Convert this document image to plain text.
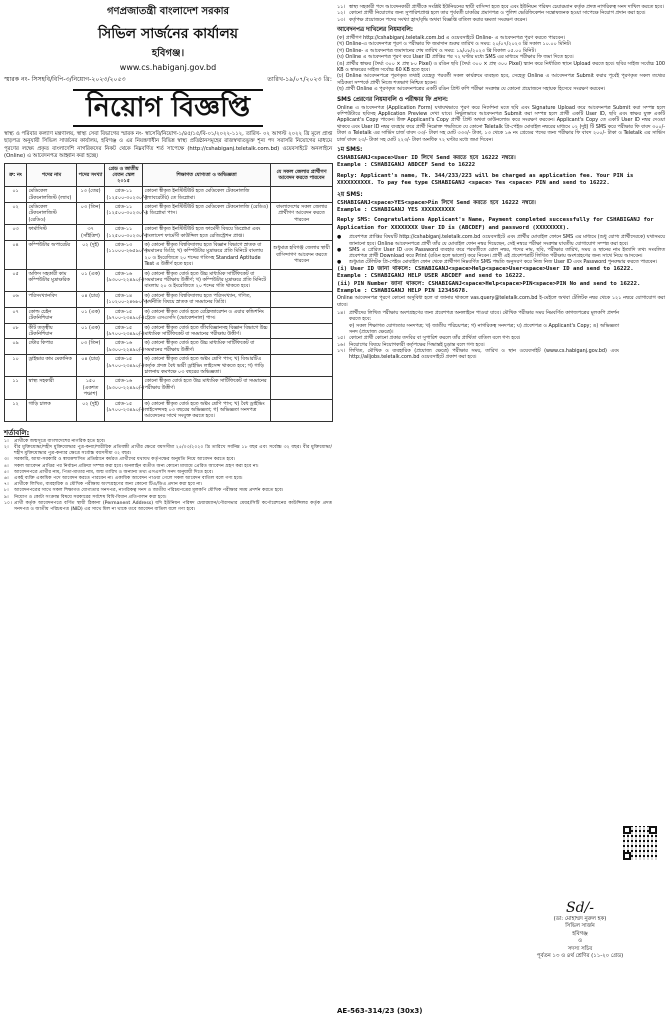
গণপ্রজাতন্ত্রী বাংলাদেশ সরকার
সিভিল সার্জনের কার্যালয়
হবিগঞ্জ।
www.cs.habiganj.gov.bd
স্মারক নং- সিসহবি/বিপি-৩/নিয়োগ-২০২৩/২০৫৩	তারিখ-১৯/০৭/২০২৩ খ্রি:
নিয়োগ বিজ্ঞপ্তি
স্বাস্থ্য ও পরিবার কল্যাণ মন্ত্রণালয়, স্বাস্থ্য সেবা বিভাগের স্মারক নং- স্বাসেবি/নিয়োগ-১/৪৫/১৫/বি-০১/২০২২-১১২, তারিখ- ০২ আগস্ট ২০২২ খ্রি মূলে প্রাপ্ত ছাড়পত্র অনুযায়ী সিভিল সার্জনের কার্যালয়, হবিগঞ্জ ও এর নিয়ন্ত্রণাধীন বিভিন্ন স্বাস্থ্য প্রতিষ্ঠানসমূহের রাজস্বখাতভুক্ত শূন্য পদ সরাসরি নিয়োগের মাধ্যমে পূরণের লক্ষ্যে প্রকৃত বাংলাদেশি নাগরিকদের নিকট থেকে নিম্নবর্ণিত শর্ত সাপেক্ষে (http://cshabiganj.teletalk.com.bd) ওয়েবসাইটে অনলাইনে (Online) এ আবেদনপত্র আহ্বান করা হচ্ছে।
ক্র: নং	পদের নাম	পদের সংখ্যা	গ্রেড ও জাতীয় বেতন স্কেল ২০১৫	শিক্ষাগত যোগ্যতা ও অভিজ্ঞতা	যে সকল জেলার প্রার্থীগণ আবেদন করতে পারবেন
০১	মেডিকেল টেকনোলজিস্ট (ল্যাব)	১৩ (তের)	গ্রেড-১১ (১২৫০০-৩০২৩০/-)	কোনো স্বীকৃত ইনস্টিটিউট হতে মেডিকেল টেকনোলজি (ল্যাবরেটরি) তে ডিপ্লোমা।	
০২	মেডিকেল টেকনোলজিস্ট (রেডিও)	০৩ (তিন)	গ্রেড-১১ (১২৫০০-৩০২৩০/-)	কোনো স্বীকৃত ইনস্টিটিউট হতে মেডিকেল টেকনোলজি (রেডিও) এ ডিপ্লোমা পাস।	বাংলাদেশের সকল জেলার প্রার্থীগণ আবেদন করতে পারবেন
০৩	ফার্মাসিস্ট	৩৭ (সাঁইত্রিশ)	গ্রেড-১১ (১২৫০০-৩০২৩০/-)	কোনো স্বীকৃত ইনস্টিটিউট হতে ফার্মেসী বিষয়ে ডিপ্লোমা এবং বাংলাদেশ ফার্মেসী কাউন্সিল হতে রেজিস্ট্রেশন প্রাপ্ত।	
০৪	কম্পিউটার অপারেটর	০২ (দুই)	গ্রেড-১৩ (১১০০০-২৬৫৯০/-)	ক) কোনো স্বীকৃত বিশ্ববিদ্যালয় হতে বিজ্ঞান বিভাগে স্নাতক বা সমমানের ডিগ্রি; খ) কম্পিউটার মুদ্রাক্ষরে প্রতি মিনিটে বাংলায় ২০ ও ইংরেজিতে ২০ শব্দের গতিসহ Standard Aptitude Test এ উত্তীর্ণ হতে হবে।	শুধুমাত্র হবিগঞ্জ জেলার স্থায়ী বাসিন্দাগণ আবেদন করতে পারবেন
০৫	অফিস সহকারী কাম কম্পিউটার মুদ্রাক্ষরিক	০১ (এক)	গ্রেড-১৬ (৯৩০০-২২৪৯০/-)	ক) কোনো স্বীকৃত বোর্ড হতে উচ্চ মাধ্যমিক সার্টিফিকেট বা সমমানের পরীক্ষায় উত্তীর্ণ; খ) কম্পিউটার মুদ্রাক্ষরে প্রতি মিনিটে বাংলায় ২০ ও ইংরেজিতে ২০ শব্দের গতি থাকতে হবে।	
০৬	পরিসংখ্যানবিদ	০৪ (চার)	গ্রেড-১৪ (১০২০০-২৪৬৮০/-)	ক) কোনো স্বীকৃত বিশ্ববিদ্যালয় হতে পরিসংখ্যান, গণিত, অর্থনীতি বিষয়ে স্নাতক বা সমমানের ডিগ্রি।	
০৭	কোল্ড চেইন টেকনিশিয়ান	০১ (এক)	গ্রেড-১৫ (৯৭০০-২৩৪৯০/-)	ক) কোনো স্বীকৃত বোর্ড হতে রেফ্রিজারেশন ও এয়ার কন্ডিশনিং ট্রেডে এসএসসি (ভোকেশনাল) পাস।	
০৮	কীট তত্ত্বীয় টেকনিশিয়ান	০১ (এক)	গ্রেড-১৫ (৯৭০০-২৩৪৯০/-)	ক) কোনো স্বীকৃত বোর্ড হতে জীববিজ্ঞানসহ বিজ্ঞান বিভাগে উচ্চ মাধ্যমিক সার্টিফিকেট বা সমমানের পরীক্ষায় উত্তীর্ণ।	
০৯	স্টোর কিপার	০৩ (তিন)	গ্রেড-১৬ (৯৩০০-২২৪৯০/-)	ক) কোনো স্বীকৃত বোর্ড হতে উচ্চ মাধ্যমিক সার্টিফিকেট বা সমমানের পরীক্ষায় উত্তীর্ণ।	
১০	ড্রাইভার কাম মেকানিক	০৪ (চার)	গ্রেড-১৫ (৯৭০০-২৩৪৯০/-)	ক) কোনো স্বীকৃত বোর্ড হতে অষ্টম শ্রেণি পাস; খ) বিআরটিএ কর্তৃক প্রদত্ত বৈধ ভারী ড্রাইভিং লাইসেন্স থাকতে হবে; গ) গাড়ি চালনায় কমপক্ষে ০৩ বছরের অভিজ্ঞতা।	
১১	স্বাস্থ্য সহকারী	১৫০ (একশত পঞ্চাশ)	গ্রেড-১৬ (৯৩০০-২২৪৯০/-)	কোনো স্বীকৃত বোর্ড হতে উচ্চ মাধ্যমিক সার্টিফিকেট বা সমমানের পরীক্ষায় উত্তীর্ণ।	
১২	গাড়ি চালক	০২ (দুই)	গ্রেড-১৫ (৯৭০০-২৩৪৯০/-)	ক) কোনো স্বীকৃত বোর্ড হতে অষ্টম শ্রেণি পাস; খ) বৈধ ড্রাইভিং লাইসেন্সসহ ০৩ বছরের অভিজ্ঞতা; গ) অভিজ্ঞতা সনদপত্র আবেদনের সাথে সংযুক্ত করতে হবে।	
শর্তাবলি:
১।	প্রার্থীকে জন্মসূত্রে বাংলাদেশের নাগরিক হতে হবে।
২।	বীর মুক্তিযোদ্ধা/শহীদ মুক্তিযোদ্ধার পুত্র-কন্যা/শারীরিক প্রতিবন্ধী প্রার্থীর ক্ষেত্রে বয়সসীমা ২৫/০৩/২০২০ খ্রি তারিখে সর্বনিম্ন ১৮ বছর এবং সর্বোচ্চ ৩২ বছর। বীর মুক্তিযোদ্ধা/শহীদ মুক্তিযোদ্ধার পুত্র-কন্যার ক্ষেত্রে সর্বোচ্চ বয়সসীমা ৩২ বছর।
৩।	সরকারি, আধা-সরকারি ও স্বায়ত্তশাসিত প্রতিষ্ঠানে কর্মরত প্রার্থীদের যথাযথ কর্তৃপক্ষের অনুমতি নিয়ে আবেদন করতে হবে।
৪।	সকল আবেদন প্রাপ্তির পর নির্বাচন প্রক্রিয়া সম্পন্ন করা হবে। অনলাইন ব্যতীত অন্য কোনো মাধ্যমে প্রেরিত আবেদন গ্রহণ করা হবে না।
৫।	আবেদনপত্রে প্রার্থীর নাম, পিতা-মাতার নাম, জন্ম তারিখ ও অন্যান্য তথ্য এসএসসি সনদ অনুযায়ী দিতে হবে।
৬।	একই ব্যক্তি একাধিক পদে আবেদন করতে পারবেন না। একাধিক আবেদন পাওয়া গেলে সকল আবেদন বাতিল বলে গণ্য হবে।
৭।	প্রার্থীকে লিখিত, ব্যবহারিক ও মৌখিক পরীক্ষায় অংশগ্রহণের জন্য কোনো টিএ/ডিএ প্রদান করা হবে না।
৮।	আবেদনপত্রের সাথে সকল শিক্ষাগত যোগ্যতার সনদপত্র, নাগরিকত্ব সনদ ও জাতীয় পরিচয়পত্রের মূলকপি মৌখিক পরীক্ষার সময় প্রদর্শন করতে হবে।
৯।	নিয়োগ ও কোটা সংক্রান্ত বিষয়ে সরকারের সর্বশেষ বিধি-বিধান প্রতিপালন করা হবে।
১০। প্রার্থী কর্তৃক আবেদনপত্রে বর্ণিত স্থায়ী ঠিকানা (Permanent Address) যদি ইউনিয়ন পরিষদ চেয়ারম্যান/পৌরসভার মেয়র/সিটি কর্পোরেশনের কাউন্সিলর কর্তৃক প্রদত্ত সনদপত্র ও জাতীয় পরিচয়পত্র (NID) এর সাথে মিল না থাকে তবে আবেদন বাতিল বলে গণ্য হবে।
১১। স্বাস্থ্য সহকারী পদে আবেদনকারী প্রার্থীকে সংশ্লিষ্ট ইউনিয়নের স্থায়ী বাসিন্দা হতে হবে এবং ইউনিয়ন পরিষদ চেয়ারম্যান কর্তৃক প্রদত্ত নাগরিকত্ব সনদ দাখিল করতে হবে।
১২। কোনো প্রার্থী নিয়োগের জন্য সুপারিশপ্রাপ্ত হলে তার পূর্ববর্তী চাকরির প্রমাণপত্র ও পুলিশ ভেরিফিকেশন সন্তোষজনক হওয়া সাপেক্ষে নিয়োগ প্রদান করা হবে।
১৩। কর্তৃপক্ষ প্রয়োজনে পদের সংখ্যা হ্রাস/বৃদ্ধি অথবা বিজ্ঞপ্তি বাতিল করার ক্ষমতা সংরক্ষণ করেন।
আবেদনপত্র দাখিলের নিয়মাবলি:
(ক) প্রার্থীগণ http://cshabiganj.teletalk.com.bd এ ওয়েবসাইটে Online- এ আবেদনপত্র পূরণ করতে পারবেন।
(খ) Online-এ আবেদনপত্র পূরণ ও পরীক্ষার ফি জমাদান শুরুর তারিখ ও সময়: ২০/০৭/২০২৩ খ্রি সকাল ১০.০০ মিনিট।
(গ) Online- এ আবেদনপত্র জমাদানের শেষ তারিখ ও সময়: ১৯/০৮/২০২৩ খ্রি বিকাল ০৫.০০ মিনিট।
(ঘ) Online এ আবেদনপত্র পূরণ করে User ID প্রাপ্তির পর ৭২ ঘণ্টার মধ্যে SMS এর মাধ্যমে পরীক্ষার ফি জমা দিতে হবে।
(ঙ) প্রার্থীর স্বাক্ষর (দৈর্ঘ্য ৩০০ × প্রস্থ ৮০ Pixel) ও রঙিন ছবি (দৈর্ঘ্য ৩০০ × প্রস্থ ৩০০ Pixel) স্ক্যান করে নির্ধারিত স্থানে Upload করতে হবে। ছবির সাইজ সর্বোচ্চ 100 KB ও স্বাক্ষরের সাইজ সর্বোচ্চ 60 KB হতে হবে।
(চ) Online আবেদনপত্রে পূরণকৃত তথ্যই যেহেতু পরবর্তী সকল কার্যক্রমে ব্যবহৃত হবে, সেহেতু Online এ আবেদনপত্র Submit করার পূর্বেই পূরণকৃত সকল তথ্যের সঠিকতা সম্পর্কে প্রার্থী নিজে শতভাগ নিশ্চিত হবেন।
(ছ) প্রার্থী Online এ পূরণকৃত আবেদনপত্রের একটি রঙিন প্রিন্ট কপি পরীক্ষা সংক্রান্ত যে কোনো প্রয়োজনে সহায়ক হিসেবে সংরক্ষণ করবেন।
SMS প্রেরণের নিয়মাবলি ও পরীক্ষার ফি প্রদান:
Online এ আবেদনপত্র (Application Form) যথাযথভাবে পূরণ করে নির্দেশনা মতে ছবি এবং Signature Upload করে আবেদনপত্র Submit করা সম্পন্ন হলে কম্পিউটারে ছবিসহ Application Preview দেখা যাবে। নির্ভুলভাবে আবেদনপত্র Submit করা সম্পন্ন হলে প্রার্থী একটি User ID, ছবি এবং স্বাক্ষর যুক্ত একটি Applicant's Copy পাবেন। উক্ত Applicant's Copy প্রার্থী প্রিন্ট অথবা ডাউনলোড করে সংরক্ষণ করবেন। Applicant's Copy তে একটি User ID নম্বর দেওয়া থাকবে এবং User ID নম্বর ব্যবহার করে প্রার্থী নিম্নোক্ত পদ্ধতিতে যে কোনো Teletalk প্রি-পেইড মোবাইল নম্বরের মাধ্যমে ০২ (দুই) টি SMS করে পরীক্ষার ফি বাবদ ৩০০/- টাকা ও Teletalk এর সার্ভিস চার্জ বাবদ ৩৩/- টাকা সহ মোট ৩৩৩/- টাকা, ১৩ থেকে ১৬ নং গ্রেডের পদের জন্য পরীক্ষার ফি বাবদ ২০০/- টাকা ও Teletalk এর সার্ভিস চার্জ বাবদ ২৩/- টাকা সহ মোট ২২৩/- টাকা অনধিক ৭২ ঘণ্টার মধ্যে জমা দিবেন।
১ম SMS:
CSHABIGANJ<space>User ID লিখে Send করতে হবে 16222 নম্বরে।
Example : CSHABIGANJ ABDCEF Send to 16222
Reply: Applicant's name, Tk. 344/233/223 will be charged as application fee. Your PIN is XXXXXXXXXX. To pay fee type CSHABIGANJ <space> Yes <space> PIN and send to 16222.
২য় SMS:
CSHABIGANJ<space>YES<space>Pin লিখে Send করতে হবে 16222 নম্বরে।
Example : CSHABIGANJ YES XXXXXXXXXX
Reply SMS: Congratulations Applicant's Name, Payment completed successfully for CSHABIGANJ for Application for XXXXXXXX User ID is (ABCDEF) and password (XXXXXXXX).
●	প্রবেশপত্র প্রাপ্তির বিষয়টি http://cshabiganj.teletalk.com.bd ওয়েবসাইটে এবং প্রার্থীর মোবাইল ফোনে SMS এর মাধ্যমে (শুধু যোগ্য প্রার্থীদেরকে) যথাসময়ে জানানো হবে। Online আবেদনপত্রে প্রার্থী তাঁর যে মোবাইল ফোন নম্বর দিয়েছেন, সেই নম্বরে পরীক্ষা সংক্রান্ত যাবতীয় যোগাযোগ সম্পন্ন করা হবে।
●	SMS এ প্রেরিত User ID এবং Password ব্যবহার করে পরবর্তীতে রোল নম্বর, পদের নাম, ছবি, পরীক্ষার তারিখ, সময় ও স্থানের নাম ইত্যাদি তথ্য সংবলিত প্রবেশপত্র প্রার্থী Download করে Print (রঙিন হলে ভালো) করে নিবেন। প্রার্থী এই প্রবেশপত্রটি লিখিত পরীক্ষায় অংশগ্রহণের জন্য সাথে নিয়ে আসবেন।
●	শুধুমাত্র টেলিটক প্রি-পেইড মোবাইল ফোন থেকে প্রার্থীগণ নিম্নবর্ণিত SMS পদ্ধতি অনুসরণ করে নিজ নিজ User ID এবং Password পুনরুদ্ধার করতে পারবেন।
(i) User ID জানা থাকলে: CSHABIGANJ<space>Help<space>User<space>User ID and send to 16222.
Example : CSHABIGANJ HELP USER ABCDEF and send to 16222.
(ii) PIN Number জানা থাকলে: CSHABIGANJ<space>Help<space>PIN<space>PIN No and send to 16222.
Example : CSHABIGANJ HELP PIN 12345678.
Online আবেদনপত্র পূরণে কোনো অসুবিধা হলে বা জানার থাকলে vas.query@teletalk.com.bd ই-মেইলে অথবা টেলিটক নম্বর থেকে ১২১ নম্বরে যোগাযোগ করা যাবে।
১৪। প্রার্থীদের লিখিত পরীক্ষায় অংশগ্রহণের জন্য প্রবেশপত্র অনলাইনে পাওয়া যাবে। মৌখিক পরীক্ষার সময় নিম্নবর্ণিত কাগজপত্রের মূলকপি প্রদর্শন করতে হবে:
ক) সকল শিক্ষাগত যোগ্যতার সনদপত্র; খ) জাতীয় পরিচয়পত্র; গ) নাগরিকত্ব সনদপত্র; ঘ) প্রবেশপত্র ও Applicant's Copy; ঙ) অভিজ্ঞতা সনদ (প্রযোজ্য ক্ষেত্রে)।
১৫। কোনো প্রার্থী কোনো প্রকার তদবির বা সুপারিশ করলে তাঁর প্রার্থিতা বাতিল বলে গণ্য হবে।
১৬। নিয়োগের বিষয়ে নিয়োগকারী কর্তৃপক্ষের সিদ্ধান্তই চূড়ান্ত বলে গণ্য হবে।
১৭। লিখিত, মৌখিক ও ব্যবহারিক (প্রযোজ্য ক্ষেত্রে) পরীক্ষার সময়, তারিখ ও স্থান ওয়েবসাইট (www.cs.habiganj.gov.bd) এবং http://alljobs.teletalk.com.bd ওয়েবসাইটে প্রকাশ করা হবে।
Sd/-
(ডা: মোহাম্মদ নুরুল হক)
সিভিল সার্জন
হবিগঞ্জ
ও
সদস্য সচিব
পূর্বতন ১৩ ও ৪র্থ শ্রেণির (১১-২০ গ্রেড)
AE-563-314/23 (30x3)
